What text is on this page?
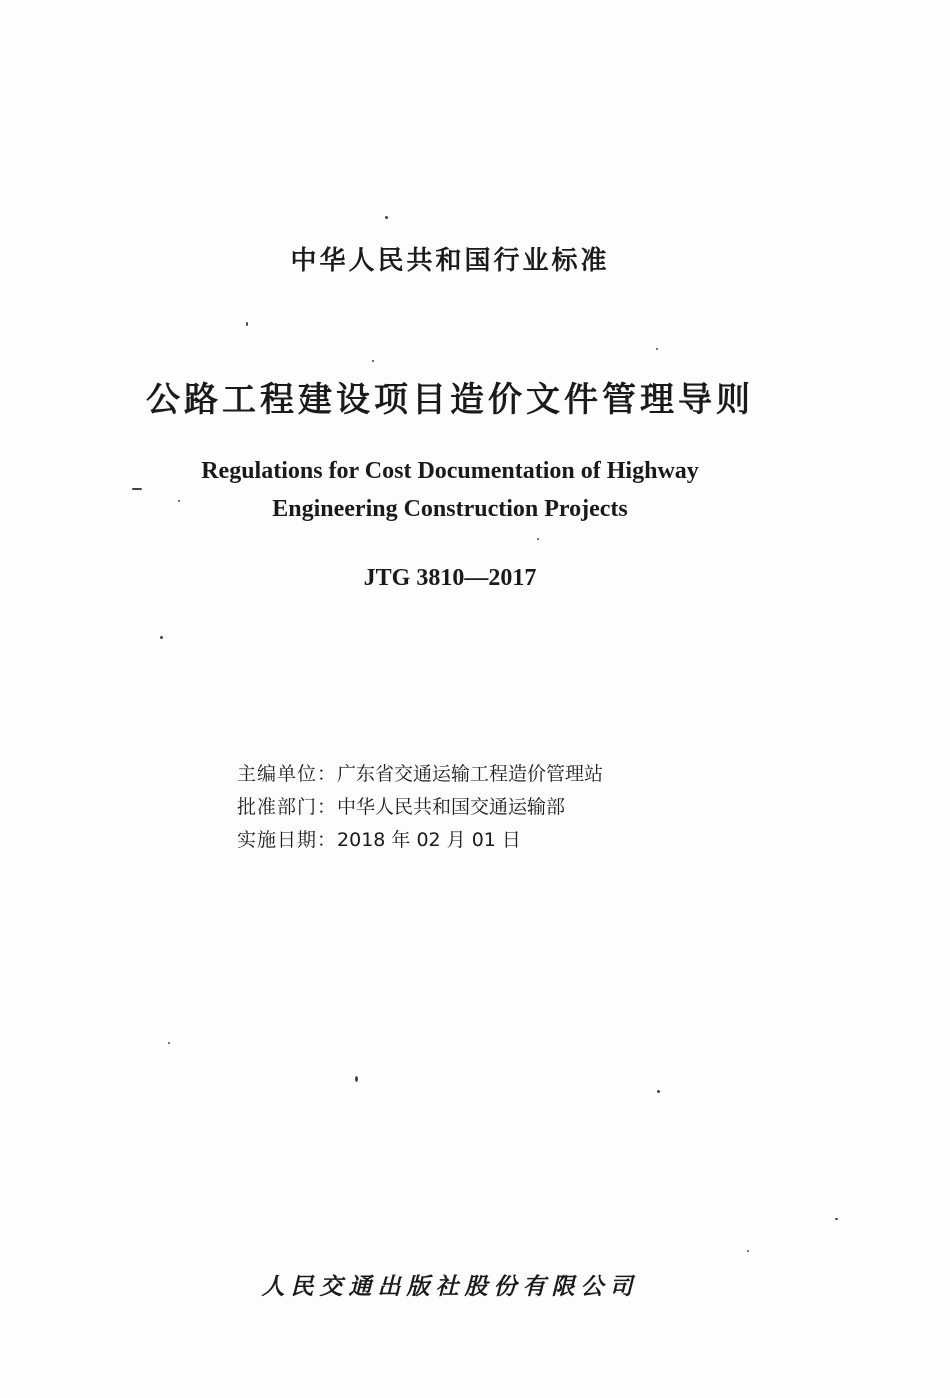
中华人民共和国行业标准
公路工程建设项目造价文件管理导则
Regulations for Cost Documentation of Highway
Engineering Construction Projects
JTG 3810—2017
主编单位：广东省交通运输工程造价管理站
批准部门：中华人民共和国交通运输部
实施日期：2018 年 02 月 01 日
人民交通出版社股份有限公司
